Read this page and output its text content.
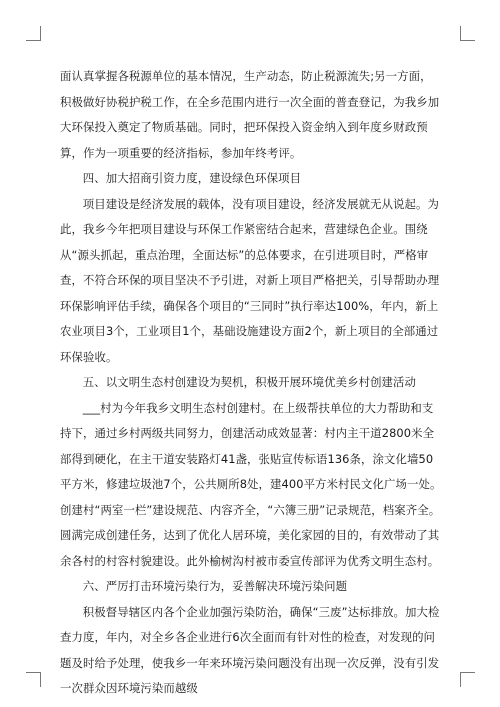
面认真掌握各税源单位的基本情况，生产动态，防止税源流失;另一方面，积极做好协税护税工作，在全乡范围内进行一次全面的普查登记，为我乡加大环保投入奠定了物质基础。同时，把环保投入资金纳入到年度乡财政预算，作为一项重要的经济指标，参加年终考评。

四、加大招商引资力度，建设绿色环保项目

项目建设是经济发展的载体，没有项目建设，经济发展就无从说起。为此，我乡今年把项目建设与环保工作紧密结合起来，营建绿色企业。围绕从“源头抓起，重点治理，全面达标”的总体要求，在引进项目时，严格审查，不符合环保的项目坚决不予引进，对新上项目严格把关，引导帮助办理环保影响评估手续，确保各个项目的“三同时”执行率达100%，年内，新上农业项目3个，工业项目1个，基础设施建设方面2个，新上项目的全部通过环保验收。

五、以文明生态村创建设为契机，积极开展环境优美乡村创建活动

___村为今年我乡文明生态村创建村。在上级帮扶单位的大力帮助和支持下，通过乡村两级共同努力，创建活动成效显著：村内主干道2800米全部得到硬化，在主干道安装路灯41盏，张贴宣传标语136条，涂文化墙50平方米，修建垃圾池7个，公共厕所8处，建400平方米村民文化广场一处。创建村“两室一栏”建设规范、内容齐全，“六簿三册”记录规范，档案齐全。圆满完成创建任务，达到了优化人居环境，美化家园的目的，有效带动了其余各村的村容村貌建设。此外榆树沟村被市委宣传部评为优秀文明生态村。

六、严厉打击环境污染行为，妥善解决环境污染问题

积极督导辖区内各个企业加强污染防治，确保“三废”达标排放。加大检查力度，年内，对全乡各企业进行6次全面而有针对性的检查，对发现的问题及时给予处理，使我乡一年来环境污染问题没有出现一次反弹，没有引发一次群众因环境污染而越级
